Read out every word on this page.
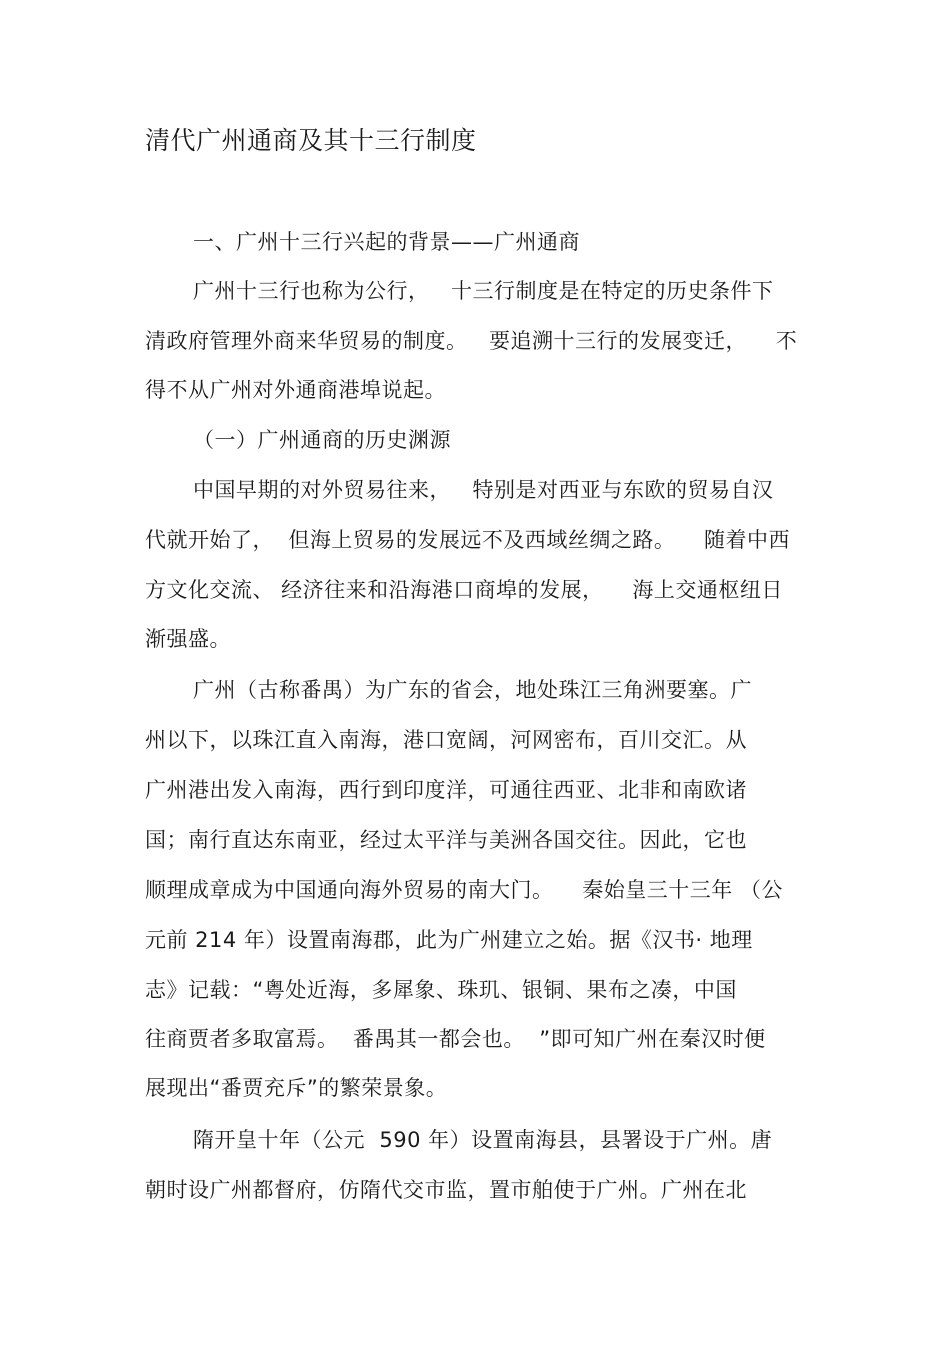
清代广州通商及其十三行制度
一、广州十三行兴起的背景——广州通商
广州十三行也称为公行，   十三行制度是在特定的历史条件下
清政府管理外商来华贸易的制度。   要追溯十三行的发展变迁，    不
得不从广州对外通商港埠说起。
（一）广州通商的历史渊源
中国早期的对外贸易往来，   特别是对西亚与东欧的贸易自汉
代就开始了，  但海上贸易的发展远不及西域丝绸之路。    随着中西
方文化交流、 经济往来和沿海港口商埠的发展，    海上交通枢纽日
渐强盛。
广州（古称番禺）为广东的省会，地处珠江三角洲要塞。广
州以下，以珠江直入南海，港口宽阔，河网密布，百川交汇。从
广州港出发入南海，西行到印度洋，可通往西亚、北非和南欧诸
国；南行直达东南亚，经过太平洋与美洲各国交往。因此，它也
顺理成章成为中国通向海外贸易的南大门。    秦始皇三十三年 （公
元前 214 年）设置南海郡，此为广州建立之始。据《汉书· 地理
志》记载：“粤处近海，多犀象、珠玑、银铜、果布之凑，中国
往商贾者多取富焉。  番禺其一都会也。  ”即可知广州在秦汉时便
展现出“番贾充斥”的繁荣景象。
隋开皇十年（公元  590 年）设置南海县，县署设于广州。唐
朝时设广州都督府，仿隋代交市监，置市舶使于广州。广州在北
